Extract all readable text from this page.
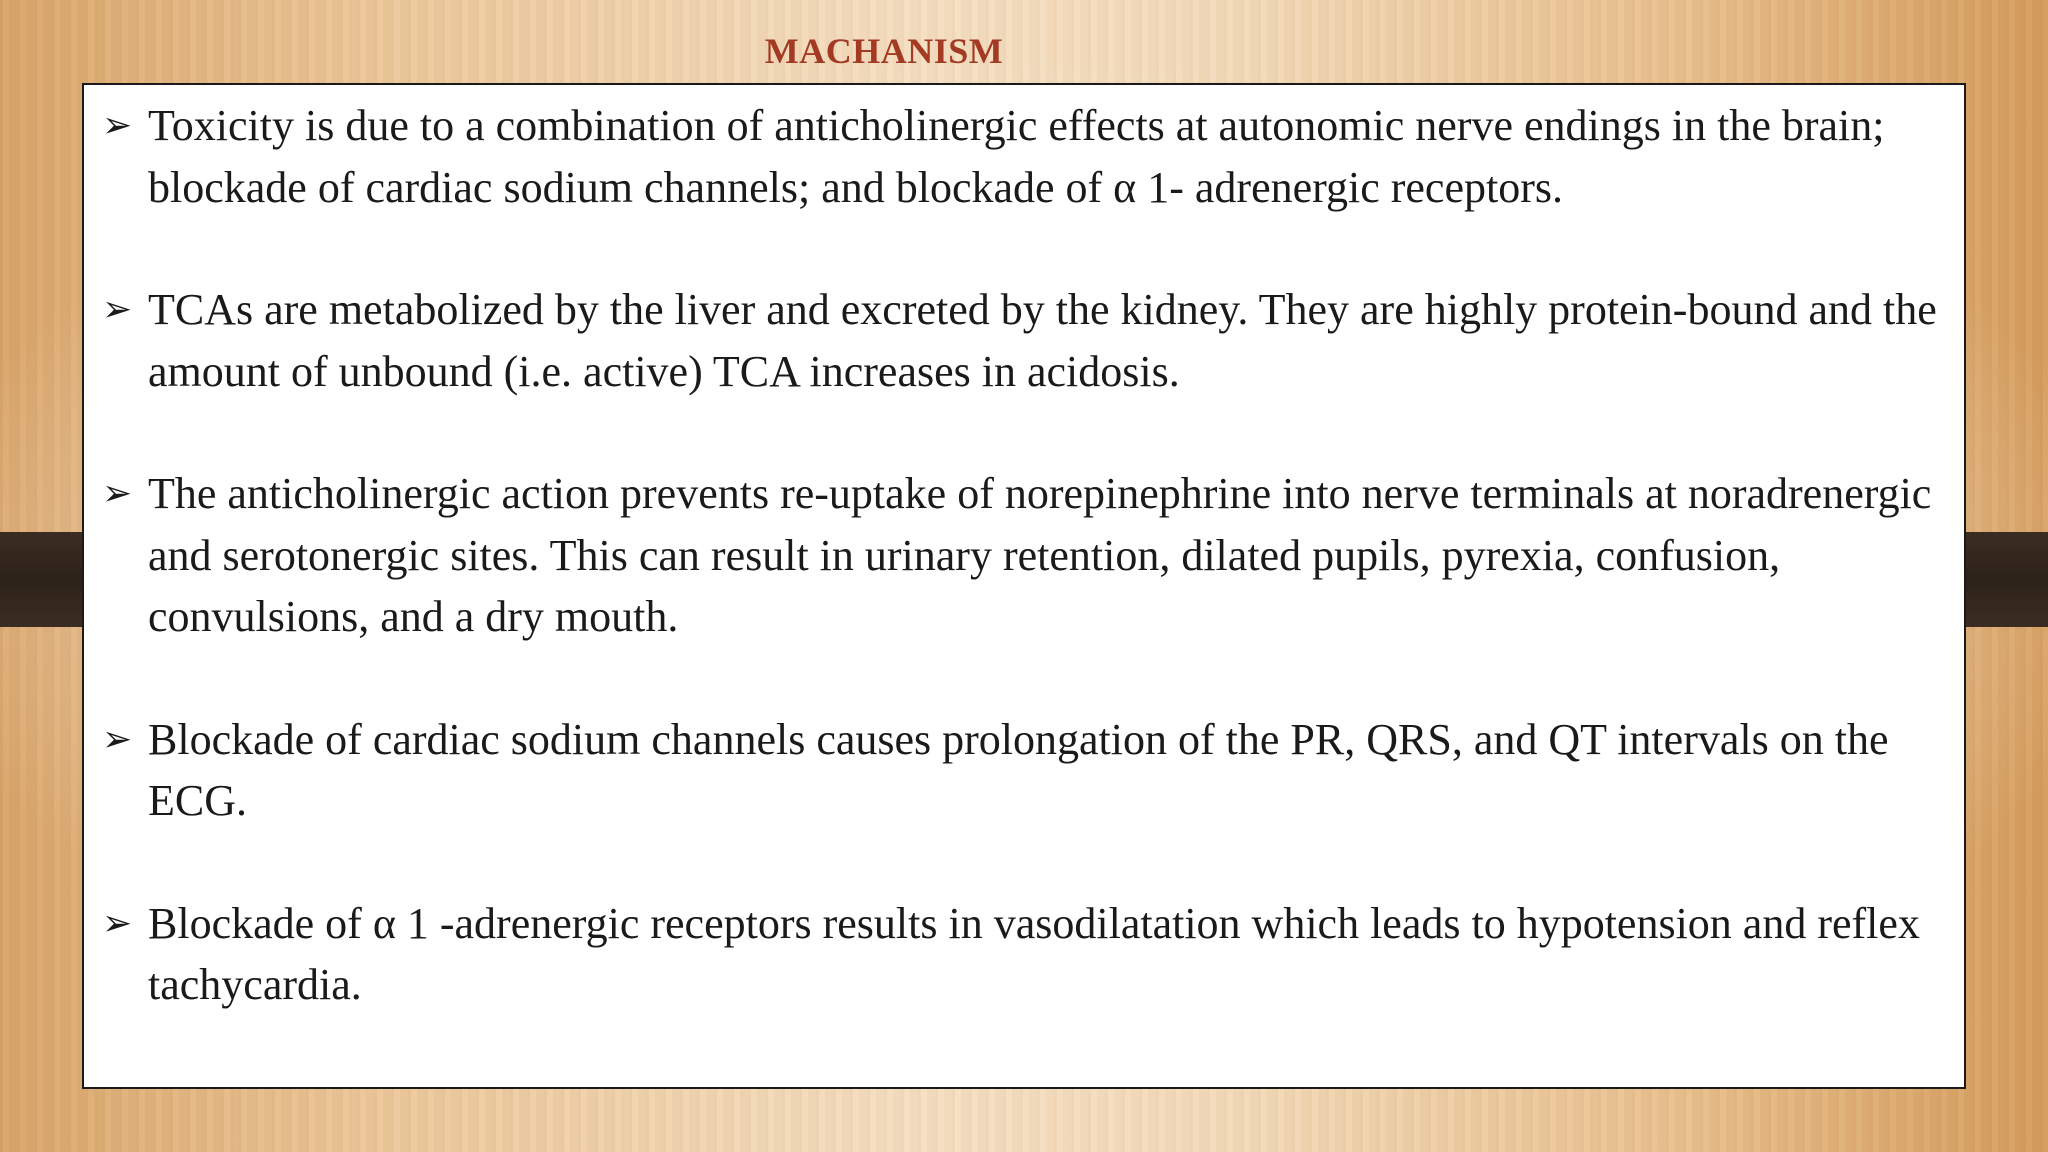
MACHANISM
➢ Toxicity is due to a combination of anticholinergic effects at autonomic nerve endings in the brain; blockade of cardiac sodium channels; and blockade of α 1- adrenergic receptors.
➢ TCAs are metabolized by the liver and excreted by the kidney. They are highly protein-bound and the amount of unbound (i.e. active) TCA increases in acidosis.
➢ The anticholinergic action prevents re-uptake of norepinephrine into nerve terminals at noradrenergic and serotonergic sites. This can result in urinary retention, dilated pupils, pyrexia, confusion, convulsions, and a dry mouth.
➢ Blockade of cardiac sodium channels causes prolongation of the PR, QRS, and QT intervals on the ECG.
➢ Blockade of α 1 -adrenergic receptors results in vasodilatation which leads to hypotension and reflex tachycardia.
